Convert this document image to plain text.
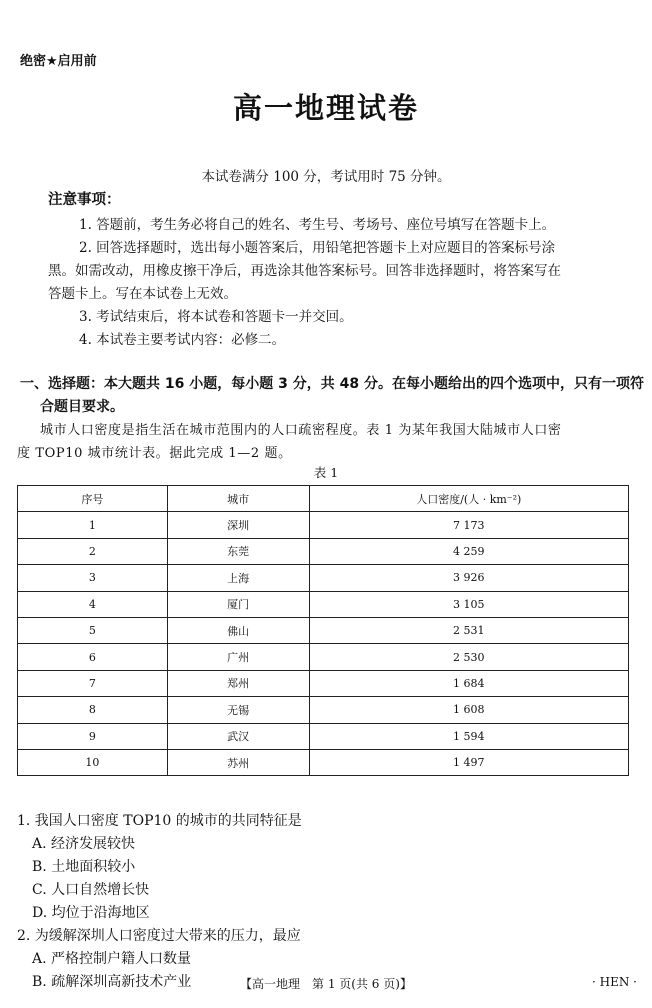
绝密★启用前
高一地理试卷
本试卷满分 100 分，考试用时 75 分钟。
注意事项：
1. 答题前，考生务必将自己的姓名、考生号、考场号、座位号填写在答题卡上。
2. 回答选择题时，选出每小题答案后，用铅笔把答题卡上对应题目的答案标号涂
黑。如需改动，用橡皮擦干净后，再选涂其他答案标号。回答非选择题时，将答案写在
答题卡上。写在本试卷上无效。
3. 考试结束后，将本试卷和答题卡一并交回。
4. 本试卷主要考试内容：必修二。
一、选择题：本大题共 16 小题，每小题 3 分，共 48 分。在每小题给出的四个选项中，只有一项符
合题目要求。
城市人口密度是指生活在城市范围内的人口疏密程度。表 1 为某年我国大陆城市人口密
度 TOP10 城市统计表。据此完成 1—2 题。
表 1
序号	城市	人口密度/(人 · km⁻²)
1	深圳	7 173
2	东莞	4 259
3	上海	3 926
4	厦门	3 105
5	佛山	2 531
6	广州	2 530
7	郑州	1 684
8	无锡	1 608
9	武汉	1 594
10	苏州	1 497
1. 我国人口密度 TOP10 的城市的共同特征是
A. 经济发展较快
B. 土地面积较小
C. 人口自然增长快
D. 均位于沿海地区
2. 为缓解深圳人口密度过大带来的压力，最应
A. 严格控制户籍人口数量
B. 疏解深圳高新技术产业	【高一地理　第 1 页(共 6 页)】	· HEN ·
